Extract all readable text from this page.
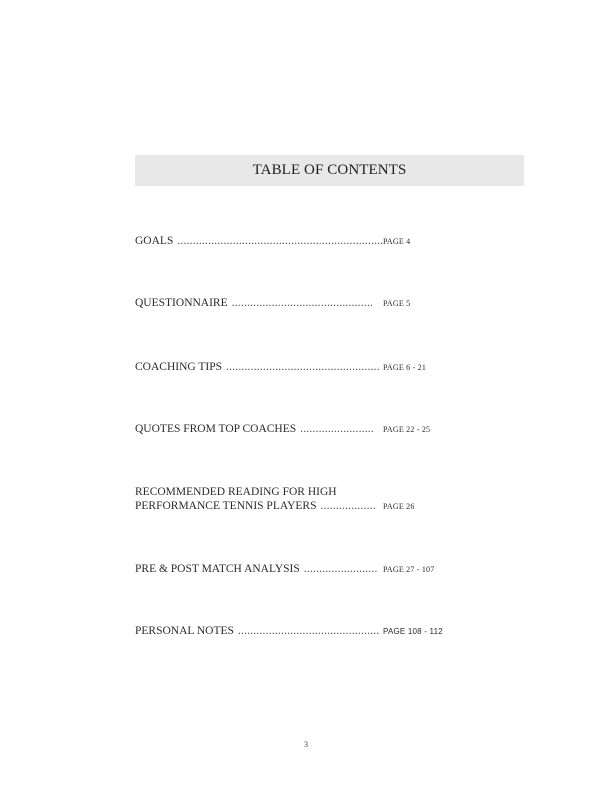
TABLE OF CONTENTS
GOALS ................................................................... PAGE 4
QUESTIONNAIRE .............................................. PAGE 5
COACHING TIPS .................................................. PAGE 6 - 21
QUOTES FROM TOP COACHES ........................ PAGE 22 - 25
RECOMMENDED READING FOR HIGH
PERFORMANCE TENNIS PLAYERS .................. PAGE 26
PRE & POST MATCH ANALYSIS ........................ PAGE 27 - 107
PERSONAL NOTES .............................................. PAGE 108 - 112
3
